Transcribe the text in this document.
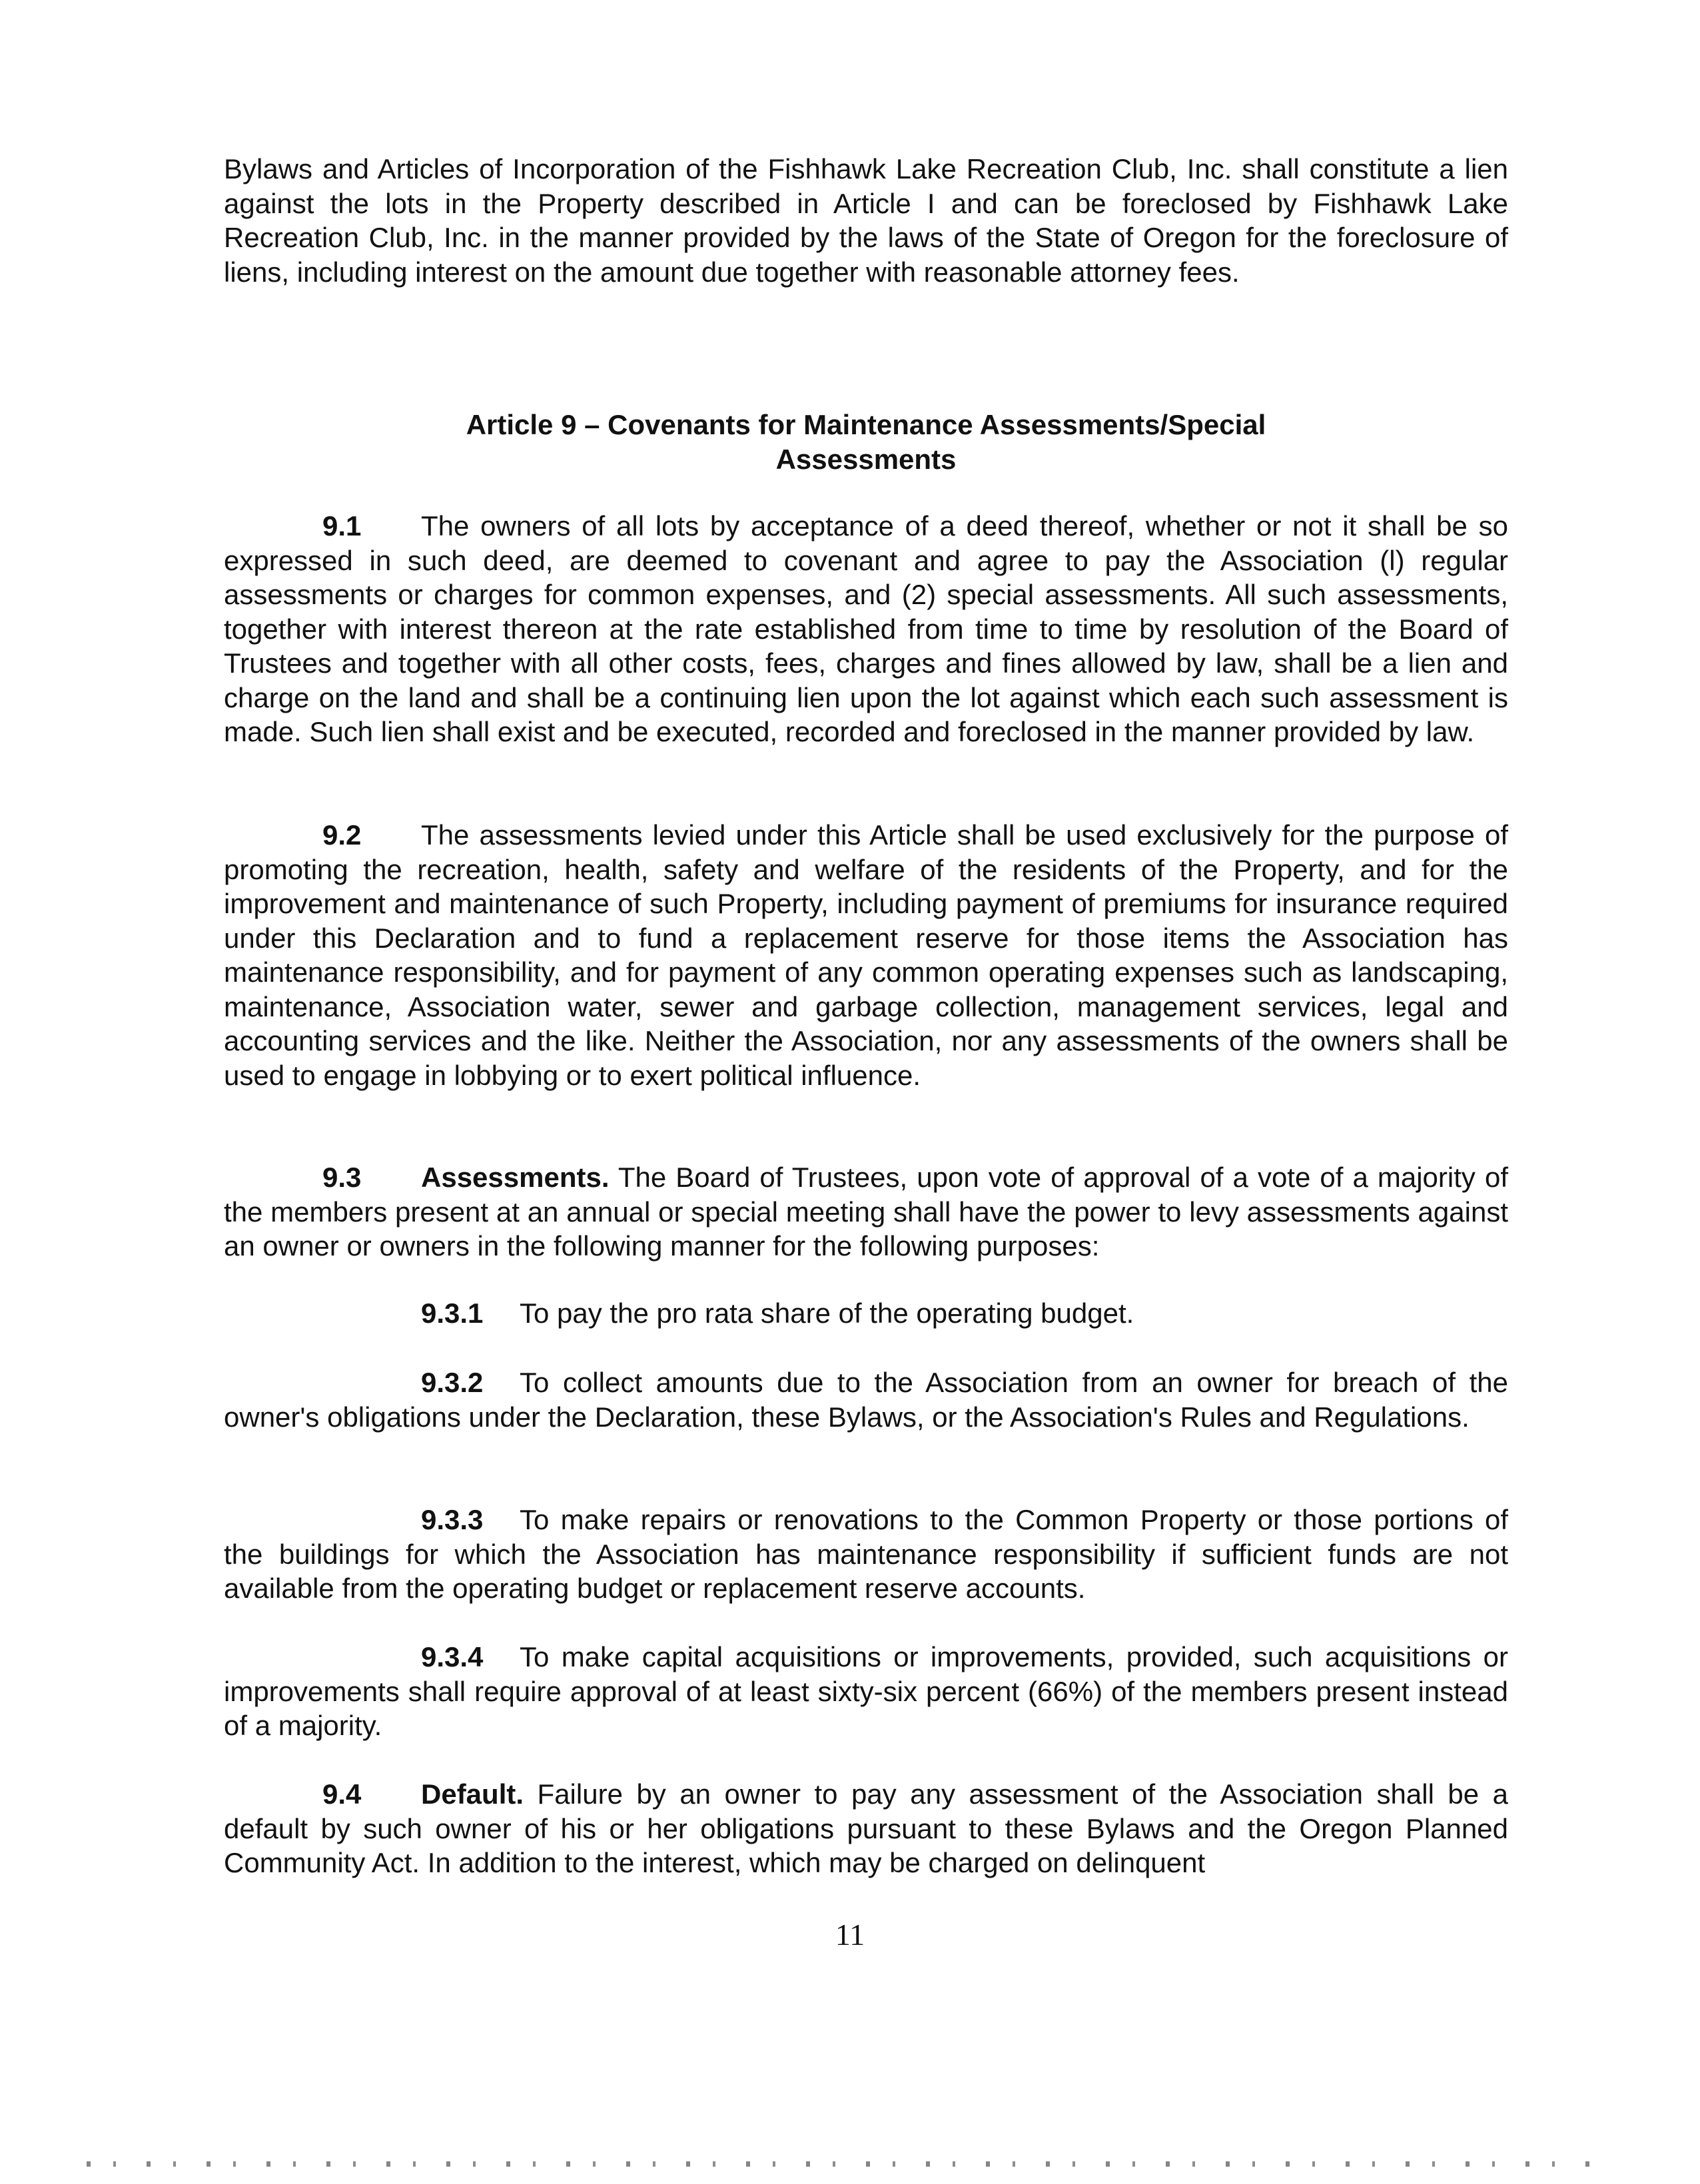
Bylaws and Articles of Incorporation of the Fishhawk Lake Recreation Club, Inc. shall constitute a lien against the lots in the Property described in Article I and can be foreclosed by Fishhawk Lake Recreation Club, Inc. in the manner provided by the laws of the State of Oregon for the foreclosure of liens, including interest on the amount due together with reasonable attorney fees.

Article 9 – Covenants for Maintenance Assessments/Special
Assessments

9.1 The owners of all lots by acceptance of a deed thereof, whether or not it shall be so expressed in such deed, are deemed to covenant and agree to pay the Association (l) regular assessments or charges for common expenses, and (2) special assessments. All such assessments, together with interest thereon at the rate established from time to time by resolution of the Board of Trustees and together with all other costs, fees, charges and fines allowed by law, shall be a lien and charge on the land and shall be a continuing lien upon the lot against which each such assessment is made. Such lien shall exist and be executed, recorded and foreclosed in the manner provided by law.

9.2 The assessments levied under this Article shall be used exclusively for the purpose of promoting the recreation, health, safety and welfare of the residents of the Property, and for the improvement and maintenance of such Property, including payment of premiums for insurance required under this Declaration and to fund a replacement reserve for those items the Association has maintenance responsibility, and for payment of any common operating expenses such as landscaping, maintenance, Association water, sewer and garbage collection, management services, legal and accounting services and the like. Neither the Association, nor any assessments of the owners shall be used to engage in lobbying or to exert political influence.

9.3 Assessments. The Board of Trustees, upon vote of approval of a vote of a majority of the members present at an annual or special meeting shall have the power to levy assessments against an owner or owners in the following manner for the following purposes:

9.3.1 To pay the pro rata share of the operating budget.

9.3.2 To collect amounts due to the Association from an owner for breach of the owner's obligations under the Declaration, these Bylaws, or the Association's Rules and Regulations.

9.3.3 To make repairs or renovations to the Common Property or those portions of the buildings for which the Association has maintenance responsibility if sufficient funds are not available from the operating budget or replacement reserve accounts.

9.3.4 To make capital acquisitions or improvements, provided, such acquisitions or improvements shall require approval of at least sixty-six percent (66%) of the members present instead of a majority.

9.4 Default. Failure by an owner to pay any assessment of the Association shall be a default by such owner of his or her obligations pursuant to these Bylaws and the Oregon Planned Community Act. In addition to the interest, which may be charged on delinquent

11
